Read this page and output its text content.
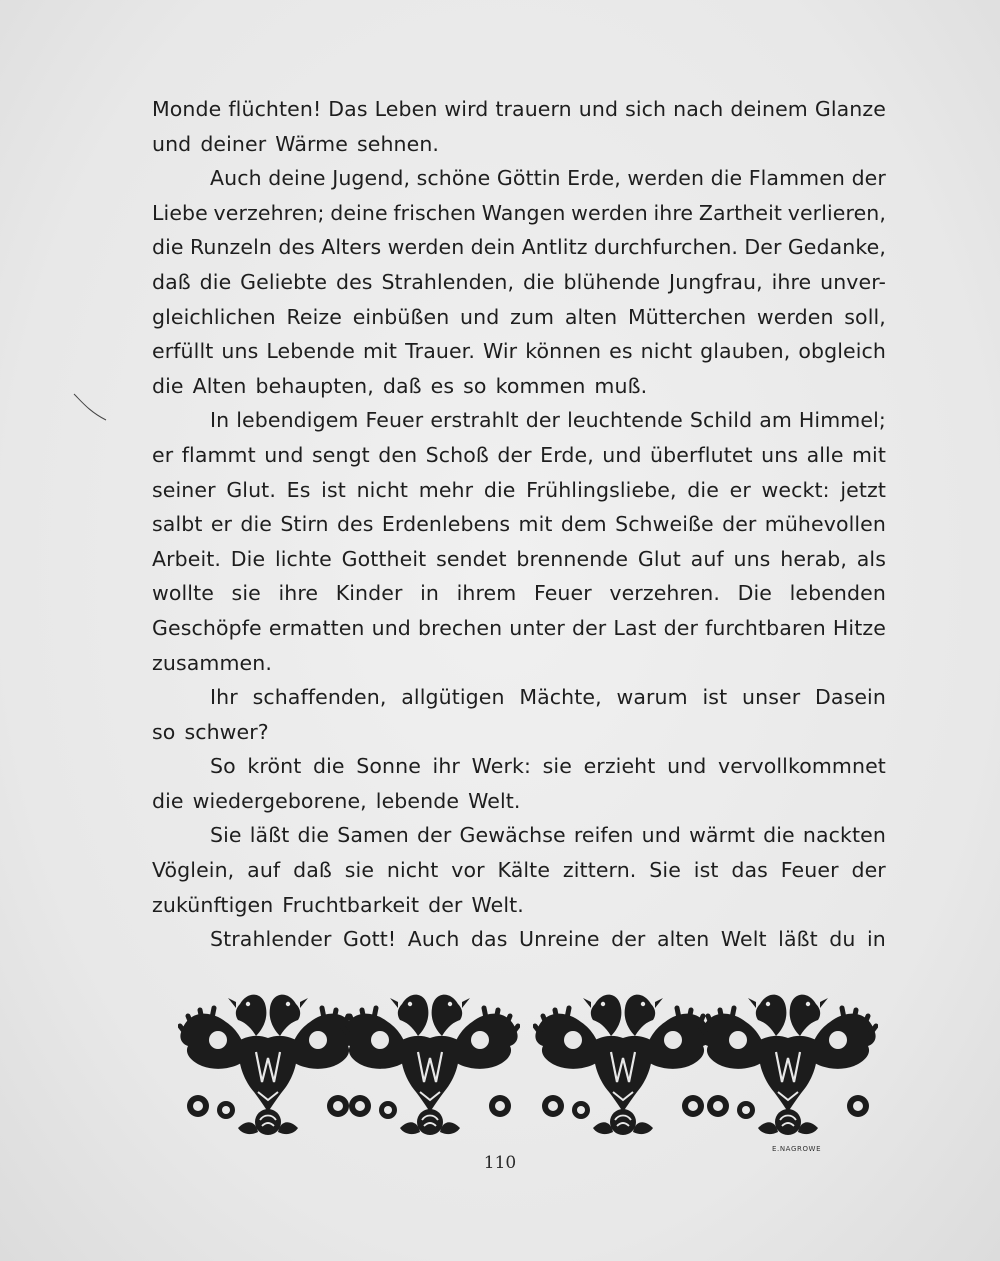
Monde flüchten! Das Leben wird trauern und sich nach deinem Glanze
und deiner Wärme sehnen.
Auch deine Jugend, schöne Göttin Erde, werden die Flammen der
Liebe verzehren; deine frischen Wangen werden ihre Zartheit verlieren,
die Runzeln des Alters werden dein Antlitz durchfurchen. Der Gedanke,
daß die Geliebte des Strahlenden, die blühende Jungfrau, ihre unver-
gleichlichen Reize einbüßen und zum alten Mütterchen werden soll,
erfüllt uns Lebende mit Trauer. Wir können es nicht glauben, obgleich
die Alten behaupten, daß es so kommen muß.
In lebendigem Feuer erstrahlt der leuchtende Schild am Himmel;
er flammt und sengt den Schoß der Erde, und überflutet uns alle mit
seiner Glut. Es ist nicht mehr die Frühlingsliebe, die er weckt: jetzt
salbt er die Stirn des Erdenlebens mit dem Schweiße der mühevollen
Arbeit. Die lichte Gottheit sendet brennende Glut auf uns herab, als
wollte sie ihre Kinder in ihrem Feuer verzehren. Die lebenden
Geschöpfe ermatten und brechen unter der Last der furchtbaren Hitze
zusammen.
Ihr schaffenden, allgütigen Mächte, warum ist unser Dasein
so schwer?
So krönt die Sonne ihr Werk: sie erzieht und vervollkommnet
die wiedergeborene, lebende Welt.
Sie läßt die Samen der Gewächse reifen und wärmt die nackten
Vöglein, auf daß sie nicht vor Kälte zittern. Sie ist das Feuer der
zukünftigen Fruchtbarkeit der Welt.
Strahlender Gott! Auch das Unreine der alten Welt läßt du in
E.NAGROWE
110
